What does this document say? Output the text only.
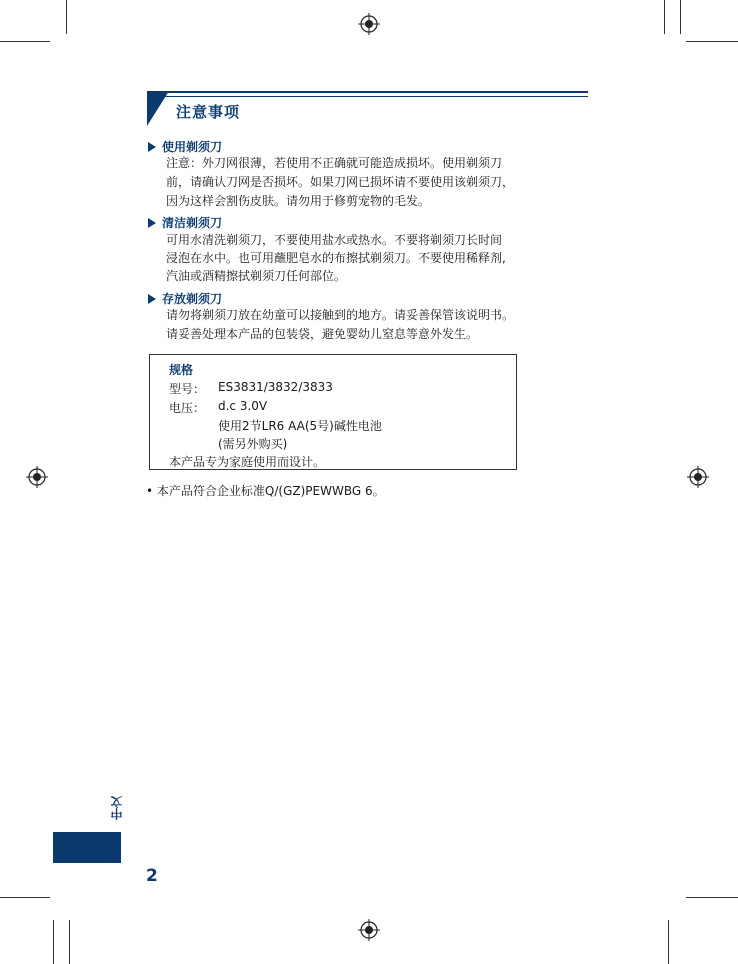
注意事项
使用剃须刀
注意：外刀网很薄，若使用不正确就可能造成损坏。使用剃须刀
前，请确认刀网是否损坏。如果刀网已损坏请不要使用该剃须刀，
因为这样会割伤皮肤。请勿用于修剪宠物的毛发。
清洁剃须刀
可用水清洗剃须刀，不要使用盐水或热水。不要将剃须刀长时间
浸泡在水中。也可用蘸肥皂水的布擦拭剃须刀。不要使用稀释剂,
汽油或酒精擦拭剃须刀任何部位。
存放剃须刀
请勿将剃须刀放在幼童可以接触到的地方。请妥善保管该说明书。
请妥善处理本产品的包装袋，避免婴幼儿窒息等意外发生。
规格
型号： ES3831/3832/3833
电压： d.c 3.0V
使用2节LR6 AA(5号)碱性电池
(需另外购买)
本产品专为家庭使用而设计。
• 本产品符合企业标准Q/(GZ)PEWWBG 6。
中文
2
